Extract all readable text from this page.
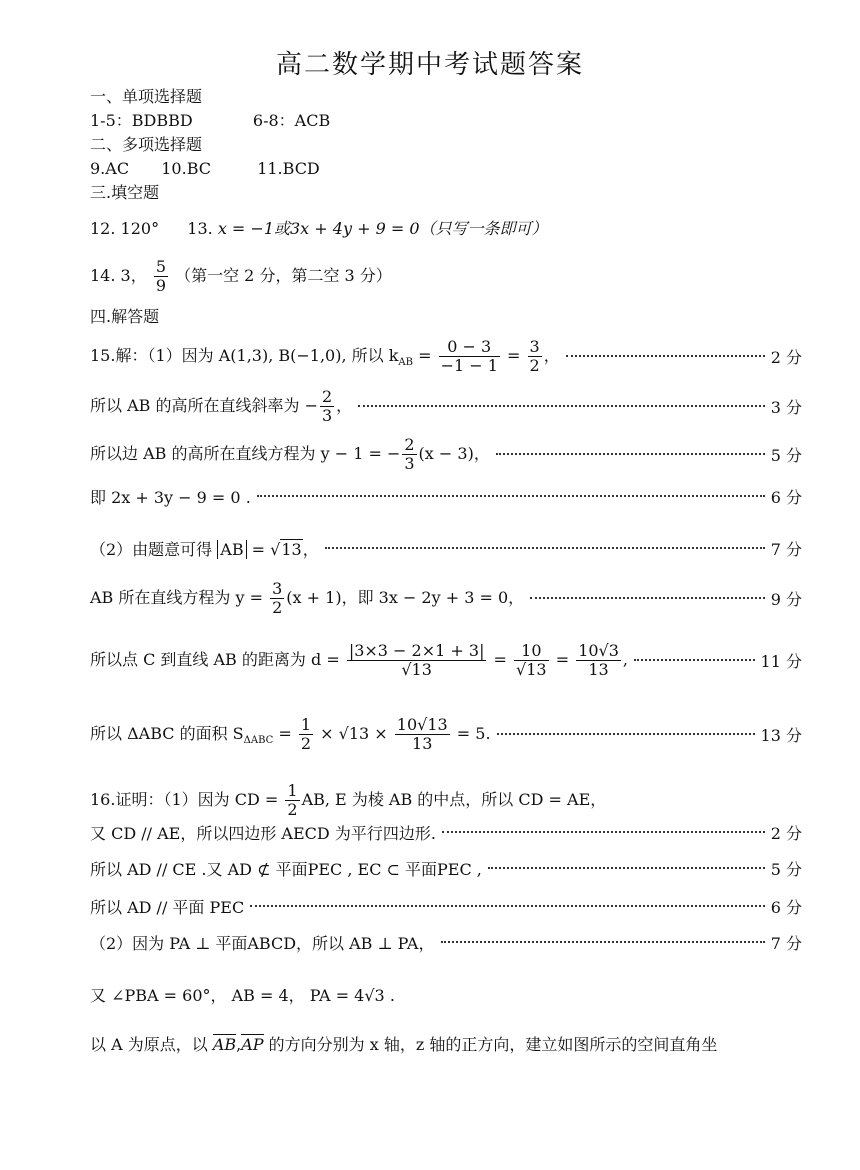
高二数学期中考试题答案
一、单项选择题
1-5：BDBBD	6-8：ACB
二、多项选择题
9.AC 10.BC	11.BCD
三.填空题
12. 120° 13. x = −1或3x + 4y + 9 = 0（只写一条即可）
14. 3， $\frac{5}{9}$ （第一空 2 分，第二空 3 分）
四.解答题
15.解：（1）因为 A(1,3), B(−1,0), 所以 $k_{AB} = \frac{0 - 3}{-1 - 1} = \frac{3}{2}$ ，	2 分
所以 AB 的高所在直线斜率为 − $\frac{2}{3}$ ，	3 分
所以边 AB 的高所在直线方程为 y − 1 = − $\frac{2}{3} (x - 3)$，	5 分
即 2x + 3y − 9 = 0 .	6 分
（2）由题意可得 AB = √13，	7 分
AB 所在直线方程为 $y = \frac{3}{2} (x + 1)$，即 3x − 2y + 3 = 0，	9 分
所以点 C 到直线 AB 的距离为 $d = \frac{|3\times 3 - 2\times 1 + 3|}{√13} = \frac{10}{√13} = \frac{10√3}{13}$ ,	11 分
所以 ΔABC 的面积 $S_{\Delta ABC} = \frac{1}{2} \times √13 \times \frac{10√13}{13} = 5$.	13 分
16.证明：（1）因为 CD = $\frac{1}{2}$ AB, E 为棱 AB 的中点，所以 CD = AE，
又 CD // AE，所以四边形 AECD 为平行四边形.	2 分
所以 AD // CE .又 AD ⊄ 平面PEC , EC ⊂ 平面PEC ,	5 分
所以 AD // 平面 PEC	6 分
（2）因为 PA ⊥ 平面ABCD，所以 AB ⊥ PA，	7 分
又 ∠PBA = 60°， AB = 4， PA = 4√3 .
以 A 为原点，以 AB,AP 的方向分别为 x 轴，z 轴的正方向，建立如图所示的空间直角坐
